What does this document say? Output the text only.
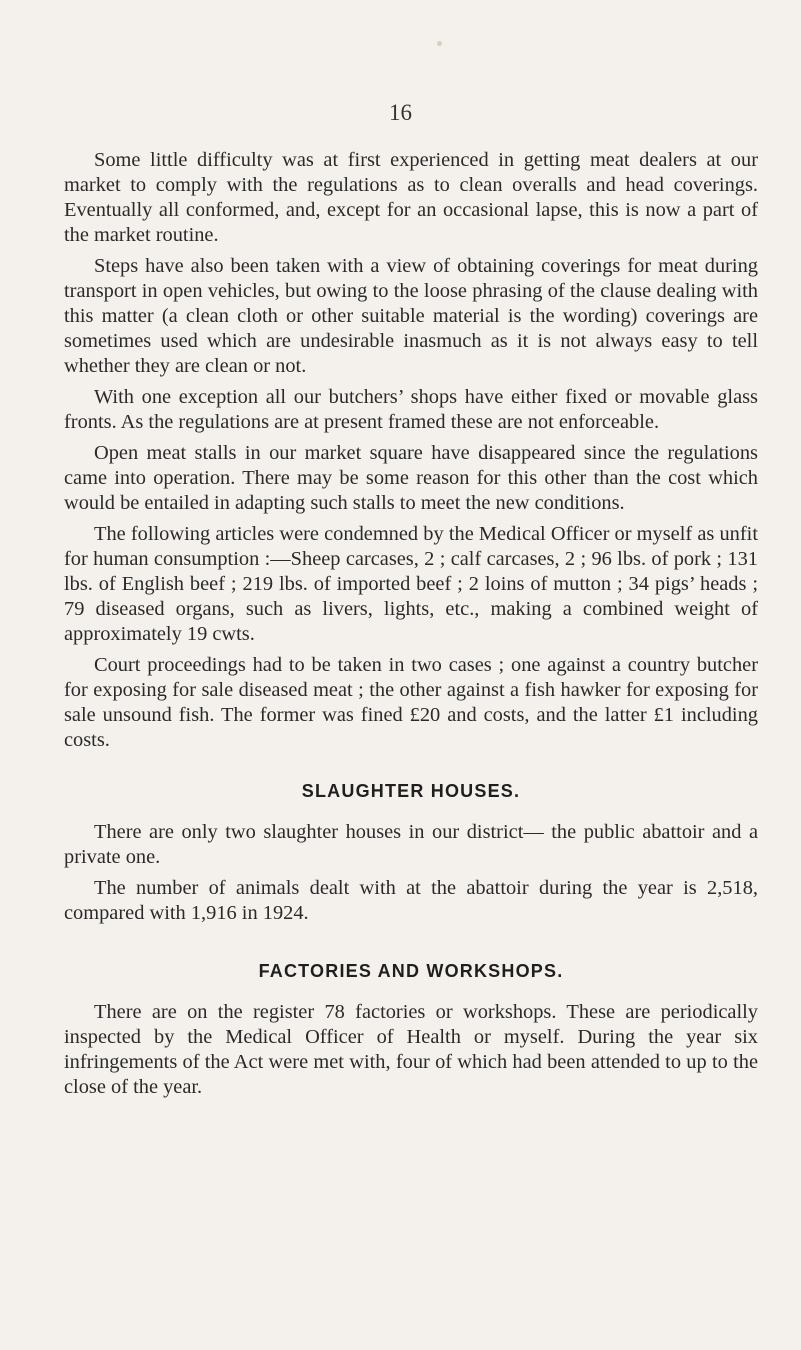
16

Some little difficulty was at first experienced in getting meat dealers at our market to comply with the regulations as to clean overalls and head coverings. Eventually all conformed, and, except for an occasional lapse, this is now a part of the market routine.

Steps have also been taken with a view of obtaining coverings for meat during transport in open vehicles, but owing to the loose phrasing of the clause dealing with this matter (a clean cloth or other suitable material is the wording) coverings are sometimes used which are undesirable inasmuch as it is not always easy to tell whether they are clean or not.

With one exception all our butchers’ shops have either fixed or movable glass fronts. As the regulations are at present framed these are not enforceable.

Open meat stalls in our market square have disappeared since the regulations came into operation. There may be some reason for this other than the cost which would be entailed in adapting such stalls to meet the new conditions.

The following articles were condemned by the Medical Officer or myself as unfit for human consumption :—Sheep carcases, 2 ; calf carcases, 2 ; 96 lbs. of pork ; 131 lbs. of English beef ; 219 lbs. of imported beef ; 2 loins of mutton ; 34 pigs’ heads ; 79 diseased organs, such as livers, lights, etc., making a combined weight of approximately 19 cwts.

Court proceedings had to be taken in two cases ; one against a country butcher for exposing for sale diseased meat ; the other against a fish hawker for exposing for sale unsound fish. The former was fined £20 and costs, and the latter £1 including costs.

SLAUGHTER HOUSES.

There are only two slaughter houses in our district— the public abattoir and a private one.

The number of animals dealt with at the abattoir during the year is 2,518, compared with 1,916 in 1924.

FACTORIES AND WORKSHOPS.

There are on the register 78 factories or workshops. These are periodically inspected by the Medical Officer of Health or myself. During the year six infringements of the Act were met with, four of which had been attended to up to the close of the year.
